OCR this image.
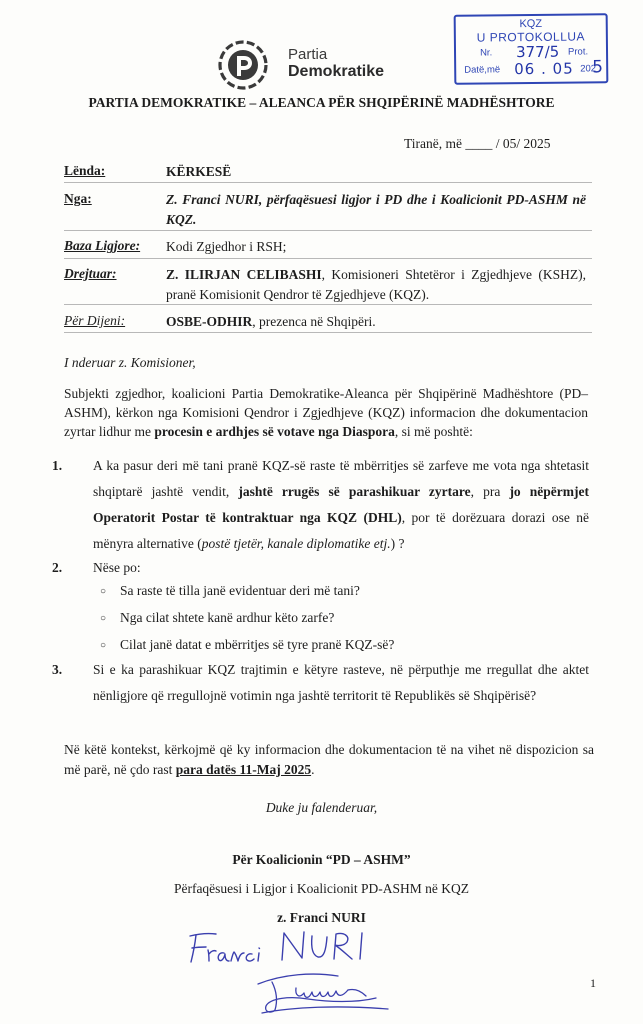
Partia
Demokratike
KQZ
U PROTOKOLLUA
Nr. 377/5 Prot.
Datë,më 06 . 05 202
5
PARTIA DEMOKRATIKE – ALEANCA PËR SHQIPËRINË MADHËSHTORE
Tiranë, më ____ / 05/ 2025
Lënda:	KËRKESË
Nga:	Z. Franci NURI, përfaqësuesi ligjor i PD dhe i Koalicionit PD-ASHM në KQZ.
Baza Ligjore: Kodi Zgjedhor i RSH;
Drejtuar:	Z. ILIRJAN CELIBASHI, Komisioneri Shtetëror i Zgjedhjeve (KSHZ), pranë Komisionit Qendror të Zgjedhjeve (KQZ).
Për Dijeni:	OSBE-ODHIR, prezenca në Shqipëri.
I nderuar z. Komisioner,
Subjekti zgjedhor, koalicioni Partia Demokratike-Aleanca për Shqipërinë Madhështore (PD–ASHM), kërkon nga Komisioni Qendror i Zgjedhjeve (KQZ) informacion dhe dokumentacion zyrtar lidhur me procesin e ardhjes së votave nga Diaspora, si më poshtë:
1. A ka pasur deri më tani pranë KQZ-së raste të mbërritjes së zarfeve me vota nga shtetasit shqiptarë jashtë vendit, jashtë rrugës së parashikuar zyrtare, pra jo nëpërmjet Operatorit Postar të kontraktuar nga KQZ (DHL), por të dorëzuara dorazi ose në mënyra alternative (postë tjetër, kanale diplomatike etj.) ?
2. Nëse po:
○ Sa raste të tilla janë evidentuar deri më tani?
○ Nga cilat shtete kanë ardhur këto zarfe?
○ Cilat janë datat e mbërritjes së tyre pranë KQZ-së?
3. Si e ka parashikuar KQZ trajtimin e këtyre rasteve, në përputhje me rregullat dhe aktet nënligjore që rregullojnë votimin nga jashtë territorit të Republikës së Shqipërisë?
Në këtë kontekst, kërkojmë që ky informacion dhe dokumentacion të na vihet në dispozicion sa më parë, në çdo rast para datës 11-Maj 2025.
Duke ju falenderuar,
Për Koalicionin “PD – ASHM”
Përfaqësuesi i Ligjor i Koalicionit PD-ASHM në KQZ
z. Franci NURI
1
